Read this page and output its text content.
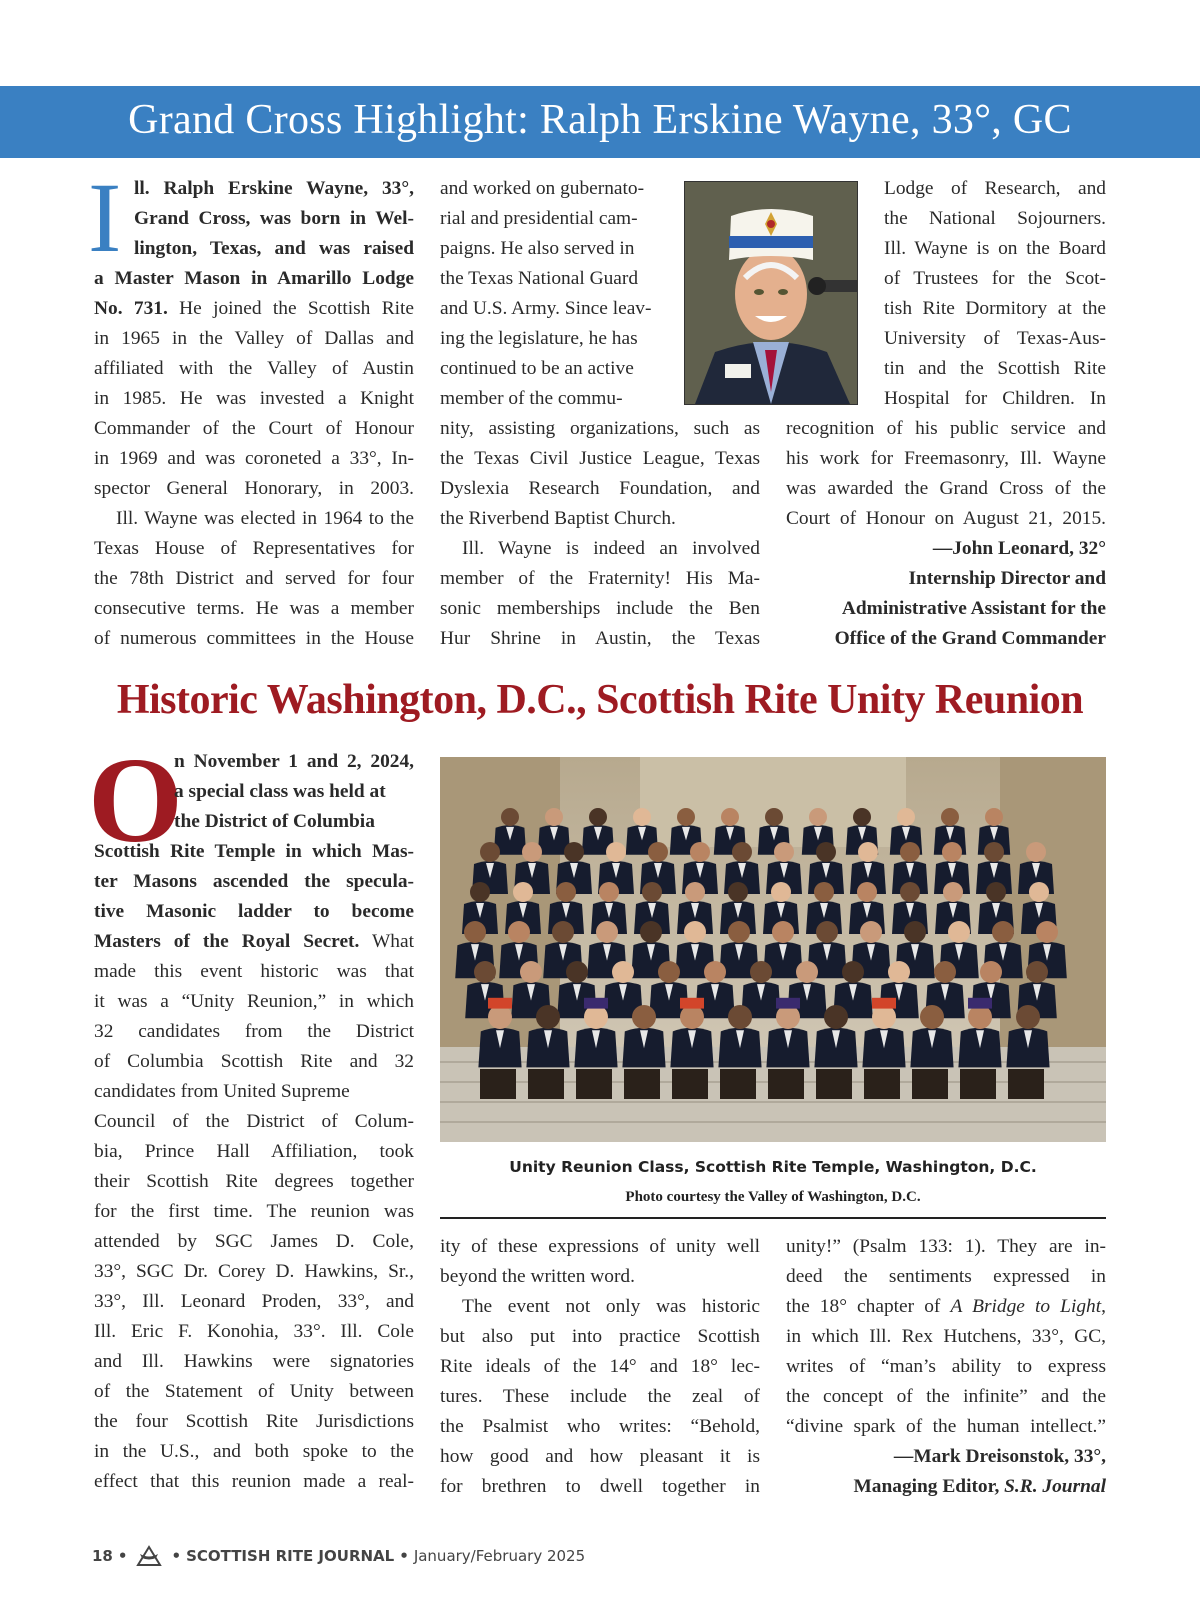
Grand Cross Highlight: Ralph Erskine Wayne, 33°, GC
I ll. Ralph Erskine Wayne, 33°,
Grand Cross, was born in Wel-
lington, Texas, and was raised
a Master Mason in Amarillo Lodge
No. 731. He joined the Scottish Rite
in 1965 in the Valley of Dallas and
affiliated with the Valley of Austin
in 1985. He was invested a Knight
Commander of the Court of Honour
in 1969 and was coroneted a 33°, In-
spector General Honorary, in 2003.
Ill. Wayne was elected in 1964 to the
Texas House of Representatives for
the 78th District and served for four
consecutive terms. He was a member
of numerous committees in the House
and worked on gubernato-
rial and presidential cam-
paigns. He also served in
the Texas National Guard
and U.S. Army. Since leav-
ing the legislature, he has
continued to be an active
member of the commu-
nity, assisting organizations, such as
the Texas Civil Justice League, Texas
Dyslexia Research Foundation, and
the Riverbend Baptist Church.
Ill. Wayne is indeed an involved
member of the Fraternity! His Ma-
sonic memberships include the Ben
Hur Shrine in Austin, the Texas
Lodge of Research, and
the National Sojourners.
Ill. Wayne is on the Board
of Trustees for the Scot-
tish Rite Dormitory at the
University of Texas-Aus-
tin and the Scottish Rite
Hospital for Children. In
recognition of his public service and
his work for Freemasonry, Ill. Wayne
was awarded the Grand Cross of the
Court of Honour on August 21, 2015.
—John Leonard, 32°
Internship Director and
Administrative Assistant for the
Office of the Grand Commander
Historic Washington, D.C., Scottish Rite Unity Reunion
O
n November 1 and 2, 2024,
a special class was held at
the District of Columbia
Scottish Rite Temple in which Mas-
ter Masons ascended the specula-
tive Masonic ladder to become
Masters of the Royal Secret. What
made this event historic was that
it was a “Unity Reunion,” in which
32 candidates from the District
of Columbia Scottish Rite and 32
candidates from United Supreme
Council of the District of Colum-
bia, Prince Hall Affiliation, took
their Scottish Rite degrees together
for the first time. The reunion was
attended by SGC James D. Cole,
33°, SGC Dr. Corey D. Hawkins, Sr.,
33°, Ill. Leonard Proden, 33°, and
Ill. Eric F. Konohia, 33°. Ill. Cole
and Ill. Hawkins were signatories
of the Statement of Unity between
the four Scottish Rite Jurisdictions
in the U.S., and both spoke to the
effect that this reunion made a real-
ity of these expressions of unity well
beyond the written word.
The event not only was historic
but also put into practice Scottish
Rite ideals of the 14° and 18° lec-
tures. These include the zeal of
the Psalmist who writes: “Behold,
how good and how pleasant it is
for brethren to dwell together in
unity!” (Psalm 133: 1). They are in-
deed the sentiments expressed in
the 18° chapter of A Bridge to Light,
in which Ill. Rex Hutchens, 33°, GC,
writes of “man’s ability to express
the concept of the infinite” and the
“divine spark of the human intellect.”
—Mark Dreisonstok, 33°,
Managing Editor, S.R. Journal
Unity Reunion Class, Scottish Rite Temple, Washington, D.C.
Photo courtesy the Valley of Washington, D.C.
18 •	• SCOTTISH RITE JOURNAL • January/February 2025
